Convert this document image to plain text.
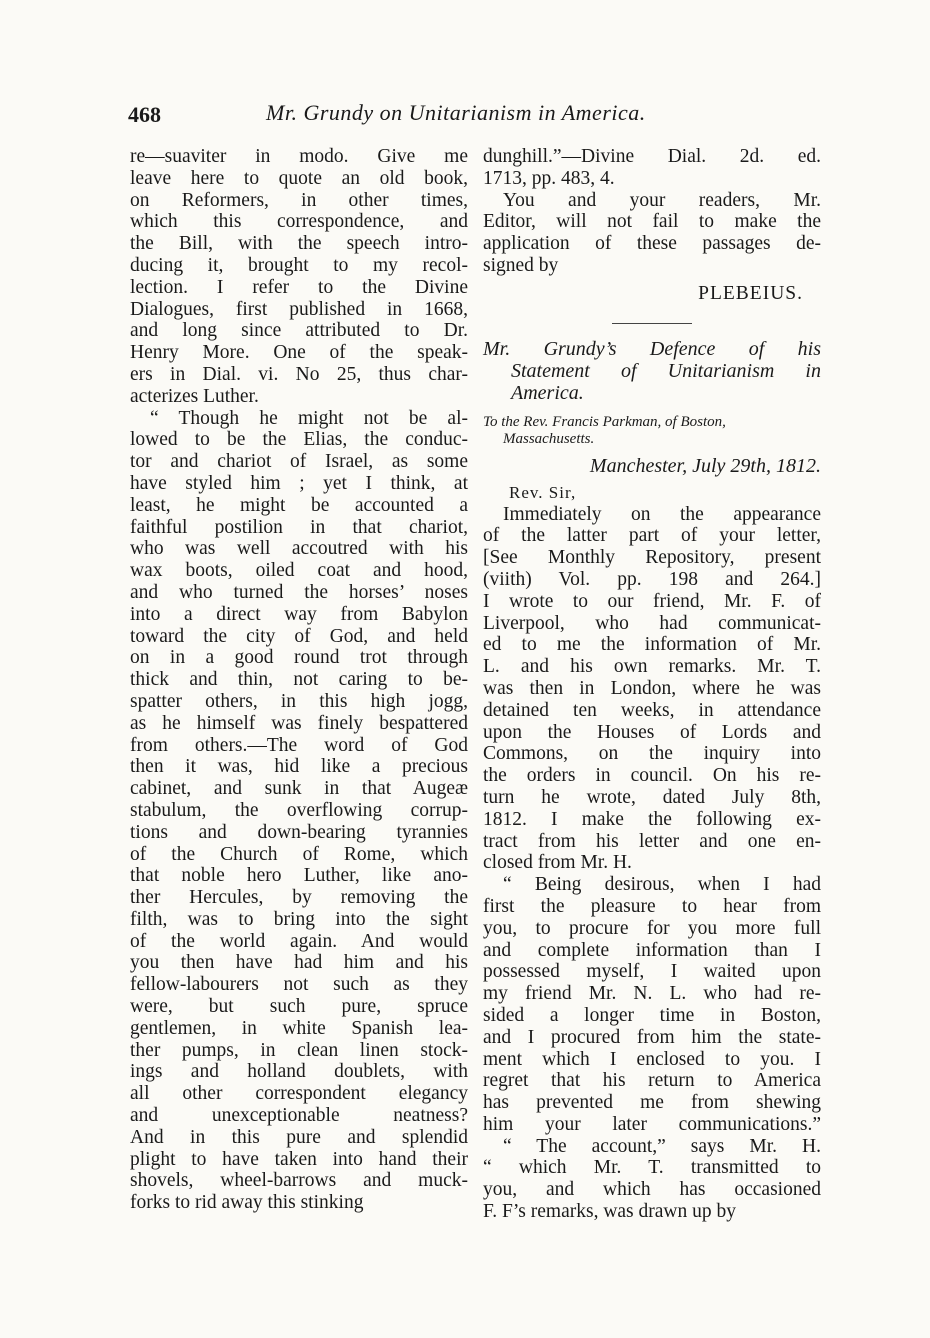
468	Mr. Grundy on Unitarianism in America.
re—suaviter in modo. Give me
leave here to quote an old book,
on Reformers, in other times,
which this correspondence, and
the Bill, with the speech intro-
ducing it, brought to my recol-
lection. I refer to the Divine
Dialogues, first published in 1668,
and long since attributed to Dr.
Henry More. One of the speak-
ers in Dial. vi. No 25, thus char-
acterizes Luther.
“ Though he might not be al-
lowed to be the Elias, the conduc-
tor and chariot of Israel, as some
have styled him ; yet I think, at
least, he might be accounted a
faithful postilion in that chariot,
who was well accoutred with his
wax boots, oiled coat and hood,
and who turned the horses’ noses
into a direct way from Babylon
toward the city of God, and held
on in a good round trot through
thick and thin, not caring to be-
spatter others, in this high jogg,
as he himself was finely bespattered
from others.—The word of God
then it was, hid like a precious
cabinet, and sunk in that Augeæ
stabulum, the overflowing corrup-
tions and down-bearing tyrannies
of the Church of Rome, which
that noble hero Luther, like ano-
ther Hercules, by removing the
filth, was to bring into the sight
of the world again. And would
you then have had him and his
fellow-labourers not such as they
were, but such pure, spruce
gentlemen, in white Spanish lea-
ther pumps, in clean linen stock-
ings and holland doublets, with
all other correspondent elegancy
and unexceptionable neatness?
And in this pure and splendid
plight to have taken into hand their
shovels, wheel-barrows and muck-
forks to rid away this stinking
dunghill.”—Divine Dial. 2d. ed.
1713, pp. 483, 4.
You and your readers, Mr.
Editor, will not fail to make the
application of these passages de-
signed by
PLEBEIUS.
Mr. Grundy’s Defence of his
Statement of Unitarianism in
America.
To the Rev. Francis Parkman, of Boston,
Massachusetts.
Manchester, July 29th, 1812.
Rev. Sir,
Immediately on the appearance
of the latter part of your letter,
[See Monthly Repository, present
(viith) Vol. pp. 198 and 264.]
I wrote to our friend, Mr. F. of
Liverpool, who had communicat-
ed to me the information of Mr.
L. and his own remarks. Mr. T.
was then in London, where he was
detained ten weeks, in attendance
upon the Houses of Lords and
Commons, on the inquiry into
the orders in council. On his re-
turn he wrote, dated July 8th,
1812. I make the following ex-
tract from his letter and one en-
closed from Mr. H.
“ Being desirous, when I had
first the pleasure to hear from
you, to procure for you more full
and complete information than I
possessed myself, I waited upon
my friend Mr. N. L. who had re-
sided a longer time in Boston,
and I procured from him the state-
ment which I enclosed to you. I
regret that his return to America
has prevented me from shewing
him your later communications.”
“ The account,” says Mr. H.
“ which Mr. T. transmitted to
you, and which has occasioned
F. F’s remarks, was drawn up by
